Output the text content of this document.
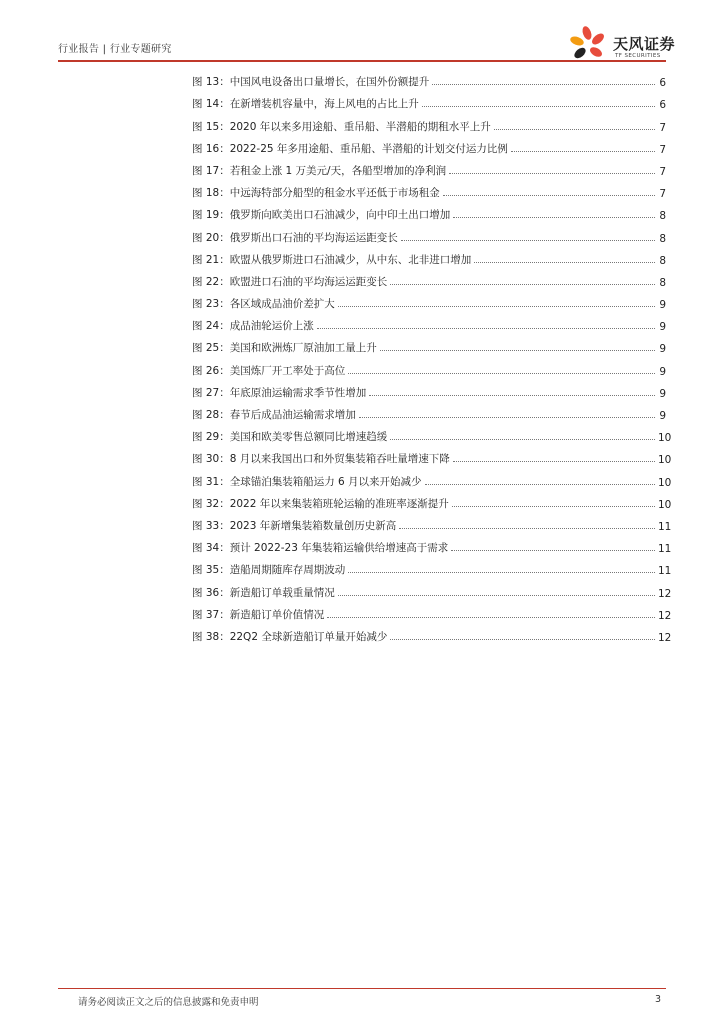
行业报告 | 行业专题研究	天风证券
TF SECURITIES
图 13：中国风电设备出口量增长，在国外份额提升	6
图 14：在新增装机容量中，海上风电的占比上升	6
图 15：2020 年以来多用途船、重吊船、半潜船的期租水平上升	7
图 16：2022-25 年多用途船、重吊船、半潜船的计划交付运力比例	7
图 17：若租金上涨 1 万美元/天，各船型增加的净利润	7
图 18：中远海特部分船型的租金水平还低于市场租金	7
图 19：俄罗斯向欧美出口石油减少，向中印土出口增加	8
图 20：俄罗斯出口石油的平均海运运距变长	8
图 21：欧盟从俄罗斯进口石油减少，从中东、北非进口增加	8
图 22：欧盟进口石油的平均海运运距变长	8
图 23：各区域成品油价差扩大	9
图 24：成品油轮运价上涨	9
图 25：美国和欧洲炼厂原油加工量上升	9
图 26：美国炼厂开工率处于高位	9
图 27：年底原油运输需求季节性增加	9
图 28：春节后成品油运输需求增加	9
图 29：美国和欧美零售总额同比增速趋缓	10
图 30：8 月以来我国出口和外贸集装箱吞吐量增速下降	10
图 31：全球锚泊集装箱船运力 6 月以来开始减少	10
图 32：2022 年以来集装箱班轮运输的准班率逐渐提升	10
图 33：2023 年新增集装箱数量创历史新高	11
图 34：预计 2022-23 年集装箱运输供给增速高于需求	11
图 35：造船周期随库存周期波动	11
图 36：新造船订单载重量情况	12
图 37：新造船订单价值情况	12
图 38：22Q2 全球新造船订单量开始减少	12
请务必阅读正文之后的信息披露和免责申明	3
